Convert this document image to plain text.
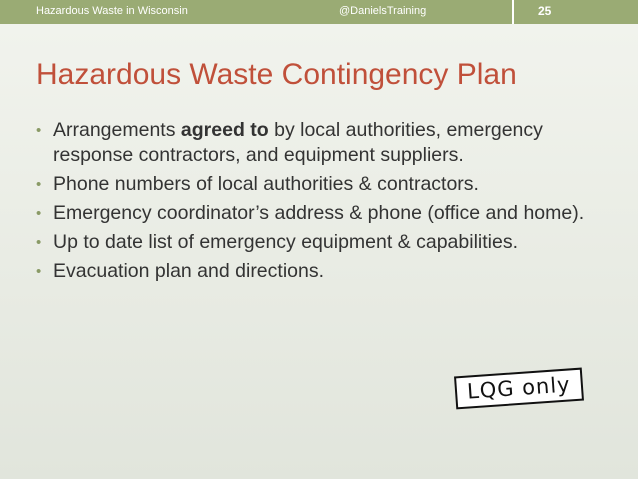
Hazardous Waste in Wisconsin	@DanielsTraining	25
Hazardous Waste Contingency Plan
• Arrangements agreed to by local authorities, emergency response contractors, and equipment suppliers.
• Phone numbers of local authorities & contractors.
• Emergency coordinator’s address & phone (office and home).
• Up to date list of emergency equipment & capabilities.
• Evacuation plan and directions.
LQG only
